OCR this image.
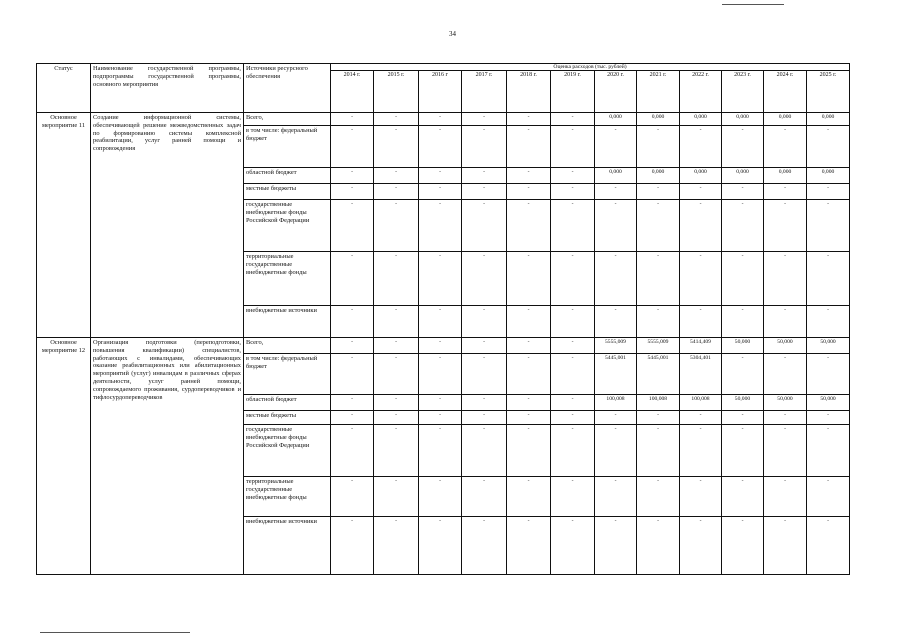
34
Статус	Наименование государственной программы, подпрограммы государственной программы, основного мероприятия	Источники ресурсного обеспечения	Оценка расходов (тыс. рублей)											
			2014 г.	2015 г.	2016 г	2017 г.	2018 г.	2019 г.	2020 г.	2021 г.	2022 г.	2023 г.	2024 г.	2025 г.
Основное мероприятие 11	Создание информационной системы, обеспечивающей решение межведомственных задач по формированию системы комплексной реабилитации, услуг ранней помощи и сопровождения	Всего,	-	-	-	-	-	-	0,000	0,000	0,000	0,000	0,000	0,000
		в том числе: федеральный бюджет	-	-	-	-	-	-	-	-	-	-	-	-
		областной бюджет	-	-	-	-	-	-	0,000	0,000	0,000	0,000	0,000	0,000
		местные бюджеты	-	-	-	-	-	-	-	-	-	-	-	-
		государственные внебюджетные фонды Российской Федерации	-	-	-	-	-	-	-	-	-	-	-	-
		территориальные государственные внебюджетные фонды	-	-	-	-	-	-	-	-	-	-	-	-
		внебюджетные источники	-	-	-	-	-	-	-	-	-	-	-	-
Основное мероприятие 12	Организация подготовки (переподготовки, повышения квалификации) специалистов, работающих с инвалидами, обеспечивающих оказание реабилитационных или абилитационных мероприятий (услуг) инвалидам в различных сферах деятельности, услуг ранней помощи, сопровождаемого проживания, сурдопереводчиков и тифлосурдопереводчиков	Всего,	-	-	-	-	-	-	5555,009	5555,009	5414,409	50,000	50,000	50,000
		в том числе: федеральный бюджет	-	-	-	-	-	-	5445,001	5445,001	5304,401	-	-	-
		областной бюджет	-	-	-	-	-	-	100,008	100,008	100,008	50,000	50,000	50,000
		местные бюджеты	-	-	-	-	-	-	-	-	-	-	-	-
		государственные внебюджетные фонды Российской Федерации	-	-	-	-	-	-	-	-	-	-	-	-
		территориальные государственные внебюджетные фонды	-	-	-	-	-	-	-	-	-	-	-	-
		внебюджетные источники	-	-	-	-	-	-	-	-	-	-	-	-
